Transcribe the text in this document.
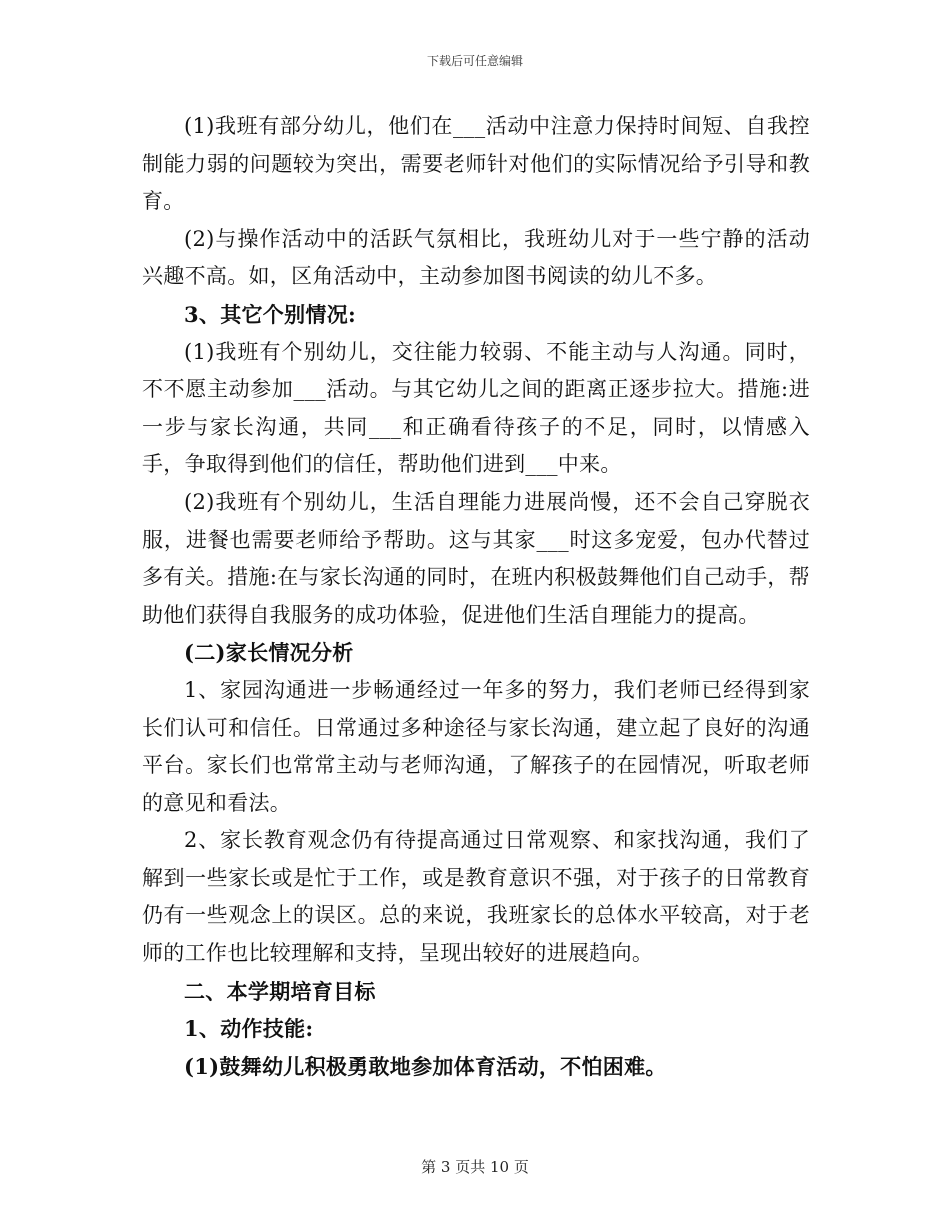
下载后可任意编辑

(1)我班有部分幼儿，他们在___活动中注意力保持时间短、自我控制能力弱的问题较为突出，需要老师针对他们的实际情况给予引导和教育。

(2)与操作活动中的活跃气氛相比，我班幼儿对于一些宁静的活动兴趣不高。如，区角活动中，主动参加图书阅读的幼儿不多。

3、其它个别情况:

(1)我班有个别幼儿，交往能力较弱、不能主动与人沟通。同时，不不愿主动参加___活动。与其它幼儿之间的距离正逐步拉大。措施:进一步与家长沟通，共同___和正确看待孩子的不足，同时，以情感入手，争取得到他们的信任，帮助他们进到___中来。

(2)我班有个别幼儿，生活自理能力进展尚慢，还不会自己穿脱衣服，进餐也需要老师给予帮助。这与其家___时这多宠爱，包办代替过多有关。措施:在与家长沟通的同时，在班内积极鼓舞他们自己动手，帮助他们获得自我服务的成功体验，促进他们生活自理能力的提高。

(二)家长情况分析

1、家园沟通进一步畅通经过一年多的努力，我们老师已经得到家长们认可和信任。日常通过多种途径与家长沟通，建立起了良好的沟通平台。家长们也常常主动与老师沟通，了解孩子的在园情况，听取老师的意见和看法。

2、家长教育观念仍有待提高通过日常观察、和家找沟通，我们了解到一些家长或是忙于工作，或是教育意识不强，对于孩子的日常教育仍有一些观念上的误区。总的来说，我班家长的总体水平较高，对于老师的工作也比较理解和支持，呈现出较好的进展趋向。

二、本学期培育目标

1、动作技能:

(1)鼓舞幼儿积极勇敢地参加体育活动，不怕困难。

第 3 页共 10 页
